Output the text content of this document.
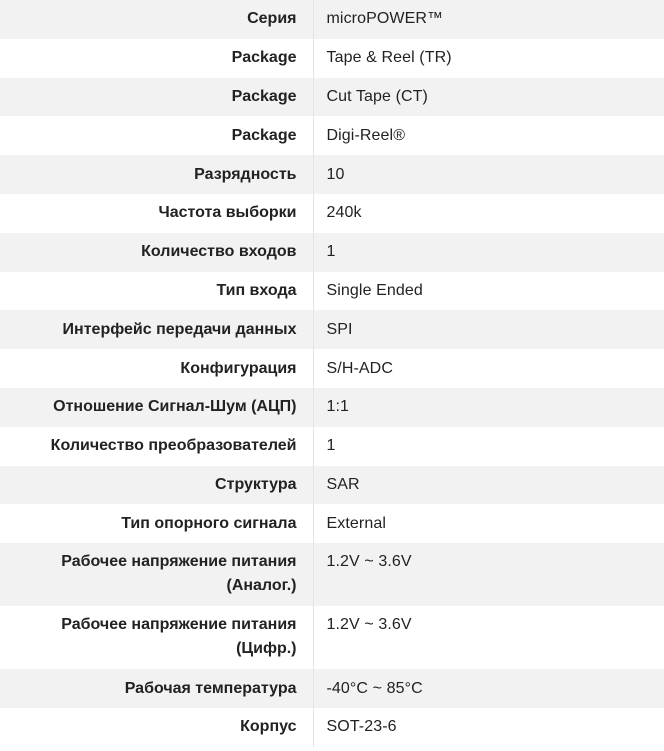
Серия	microPOWER™
Package	Tape & Reel (TR)
Package	Cut Tape (CT)
Package	Digi-Reel®
Разрядность	10
Частота выборки	240k
Количество входов	1
Тип входа	Single Ended
Интерфейс передачи данных	SPI
Конфигурация	S/H-ADC
Отношение Сигнал-Шум (АЦП)	1:1
Количество преобразователей	1
Структура	SAR
Тип опорного сигнала	External
Рабочее напряжение питания (Аналог.)	1.2V ~ 3.6V
Рабочее напряжение питания (Цифр.)	1.2V ~ 3.6V
Рабочая температура	-40°C ~ 85°C
Корпус	SOT-23-6
